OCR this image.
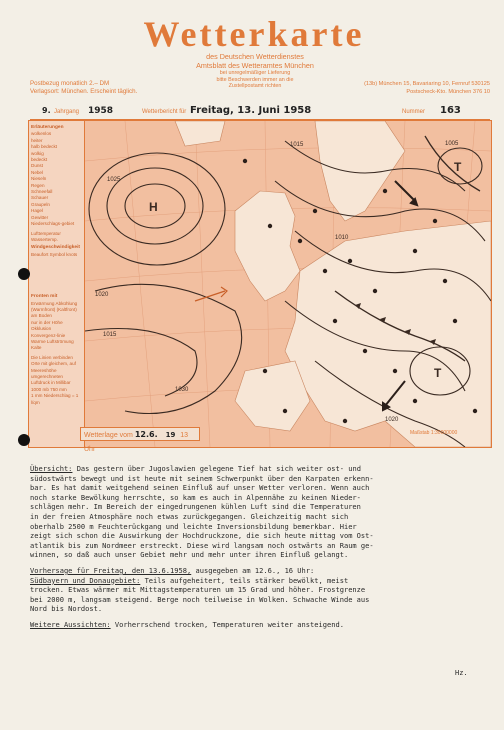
Wetterkarte
des Deutschen Wetterdienstes
Amtsblatt des Wetteramtes München
bei unregelmäßiger Lieferung
bitte Beschwerden immer an die
Zustellpostamt richten
Postbezug monatlich 2.– DM
Verlagsort: München. Erscheint täglich.
(13b) München 15, Bavariaring 10, Fernruf 530125
Postscheck-Kto. München 376 10
9. Jahrgang 1958	Wetterbericht für Freitag, 13. Juni 1958	Nummer 163
Erläuterungen
wolkenlos
heiter
halb bedeckt
wolkig
bedeckt
Dunst
Nebel
Nieseln
Regen
Schneefall
Schauer
Graupeln
Hagel
Gewitter
Niederschlags-gebiet
Lufttemperatur
Wassertemp.
Windgeschwindigkeit
Beaufort Symbol knots
Fronten mit
Erwärmung Abkühlung
(Warmfront) (Kaltfront)
am Boden
nur in der Höhe
Okklusion
Konvergenz-linie
Warme Luftströmung
Kalte
Die Linien verbinden Orte mit gleichem, auf Meereshöhe umgerechneten Luftdruck in Millibar
1000 mb 750 mm
1 mm Niederschlag = 1 l/qm
H
T
T
1025
1020
1015
1010
1005
1030
1015
1020
Wetterlage vom 12.6. 19 13 Uhr
Maßstab 1:30000000

Übersicht: Das gestern über Jugoslawien gelegene Tief hat sich weiter ost- und

südostwärts bewegt und ist heute mit seinem Schwerpunkt über den Karpaten erkenn-

bar. Es hat damit weitgehend seinen Einfluß auf unser Wetter verloren. Wenn auch

noch starke Bewölkung herrschte, so kam es auch in Alpennähe zu keinen Nieder-

schlägen mehr. Im Bereich der eingedrungenen kühlen Luft sind die Temperaturen

in der freien Atmosphäre noch etwas zurückgegangen. Gleichzeitig macht sich

oberhalb 2500 m Feuchterückgang und leichte Inversionsbildung bemerkbar. Hier

zeigt sich schon die Auswirkung der Hochdruckzone, die sich heute mittag vom Ost-

atlantik bis zum Nordmeer erstreckt. Diese wird langsam noch ostwärts an Raum ge-

winnen, so daß auch unser Gebiet mehr und mehr unter ihren Einfluß gelangt.

Vorhersage für Freitag, den 13.6.1958, ausgegeben am 12.6., 16 Uhr:

Südbayern und Donaugebiet: Teils aufgeheitert, teils stärker bewölkt, meist

trocken. Etwas wärmer mit Mittagstemperaturen um 15 Grad und höher. Frostgrenze

bei 2000 m, langsam steigend. Berge noch teilweise in Wolken. Schwache Winde aus

Nord bis Nordost.

Weitere Aussichten: Vorherrschend trocken, Temperaturen weiter ansteigend.

Hz.
